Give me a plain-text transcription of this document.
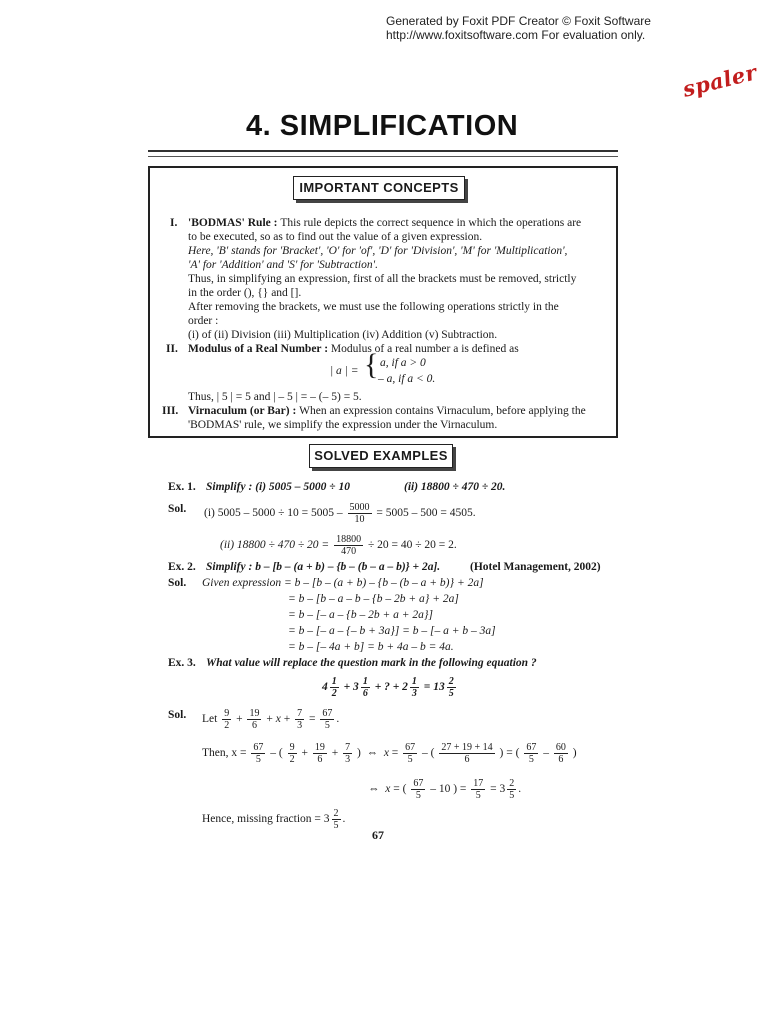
Generated by Foxit PDF Creator © Foxit Software
http://www.foxitsoftware.com For evaluation only.
spaler
4. SIMPLIFICATION
IMPORTANT CONCEPTS
I. 'BODMAS' Rule : This rule depicts the correct sequence in which the operations are
to be executed, so as to find out the value of a given expression.
Here, 'B' stands for 'Bracket', 'O' for 'of', 'D' for 'Division', 'M' for 'Multiplication',
'A' for 'Addition' and 'S' for 'Subtraction'.
Thus, in simplifying an expression, first of all the brackets must be removed, strictly
in the order (), {} and [].
After removing the brackets, we must use the following operations strictly in the
order :
(i) of (ii) Division (iii) Multiplication (iv) Addition (v) Subtraction.
II. Modulus of a Real Number : Modulus of a real number a is defined as
| a | = { a, if a > 0
– a, if a < 0.
Thus, | 5 | = 5 and | – 5 | = – (– 5) = 5.
III. Virnaculum (or Bar) : When an expression contains Virnaculum, before applying the
'BODMAS' rule, we simplify the expression under the Virnaculum.
SOLVED EXAMPLES
Ex. 1. Simplify : (i) 5005 – 5000 ÷ 10	(ii) 18800 ÷ 470 ÷ 20.
Sol. (i) $5005 - 5000 \div 10 = 5005 - \frac{5000}{10} = 5005 - 500 = 4505$.
(ii) $18800 \div 470 \div 20 = \frac{18800}{470} \div 20 = 40 \div 20 = 2$.
Ex. 2. Simplify : b – [b – (a + b) – {b – (b – a – b)} + 2a].	(Hotel Management, 2002)
Sol. Given expression = b – [b – (a + b) – {b – (b – a + b)} + 2a]
= b – [b – a – b – {b – 2b + a} + 2a]
= b – [– a – {b – 2b + a + 2a}]
= b – [– a – {– b + 3a}] = b – [– a + b – 3a]
= b – [– 4a + b] = b + 4a – b = 4a.
Ex. 3. What value will replace the question mark in the following equation ?
$4 \frac{1}{2} + 3 \frac{1}{6}$ + ? + $2 \frac{1}{3} = 13 \frac{2}{5}$
Sol. Let $\frac{9}{2} + \frac{19}{6} + x + \frac{7}{3} = \frac{67}{5}$ .
Then, $x = \frac{67}{5}$ – ( $\frac{9}{2} + \frac{19}{6} + \frac{7}{3}$ )  ⇔  $x = \frac{67}{5}$ – ( $\frac{27 + 19 + 14}{6}$ ) = ( $\frac{67}{5} - \frac{60}{6}$ )
⇔  x = ( $\frac{67}{5} - 10$ ) = $\frac{17}{5} = 3 \frac{2}{5}$ .
Hence, missing fraction = $3 \frac{2}{5}$ .
67
